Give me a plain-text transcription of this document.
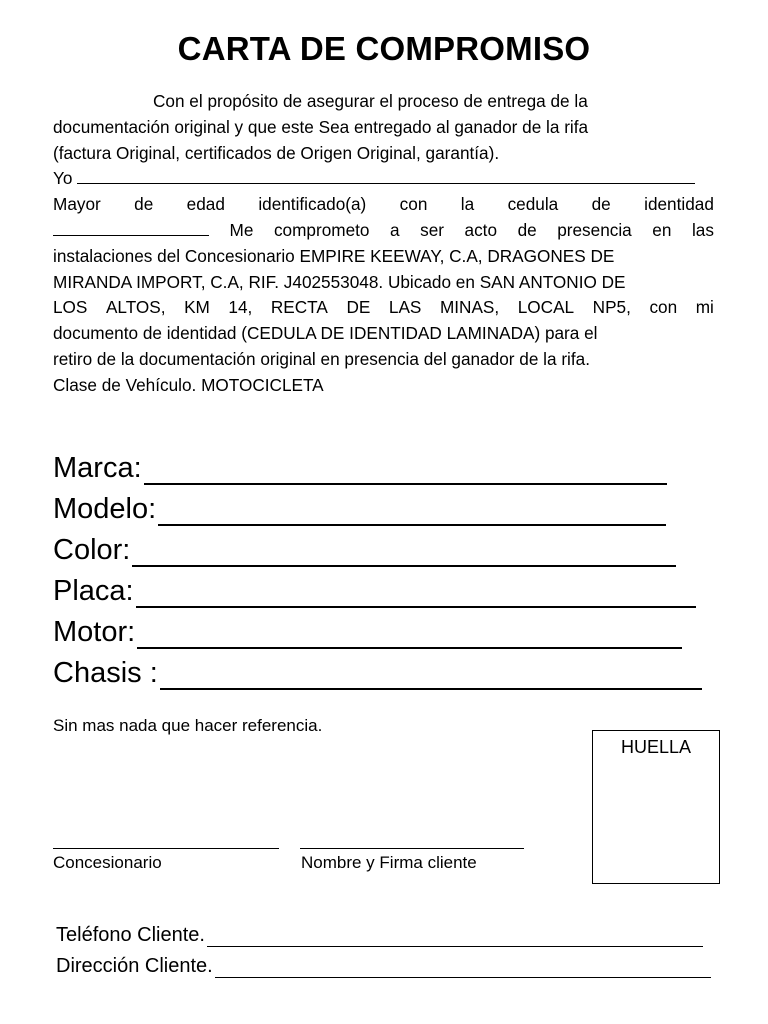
CARTA DE COMPROMISO
Con el propósito de asegurar el proceso de entrega de la
documentación original y que este Sea entregado al ganador de la rifa
(factura Original, certificados de Origen Original, garantía).
Yo
Mayor de edad identificado(a) con la cedula de identidad
Me comprometo a ser acto de presencia en las
instalaciones del Concesionario EMPIRE KEEWAY, C.A, DRAGONES DE
MIRANDA IMPORT, C.A, RIF. J402553048. Ubicado en SAN ANTONIO DE
LOS ALTOS, KM 14, RECTA DE LAS MINAS, LOCAL NP5, con mi
documento de identidad (CEDULA DE IDENTIDAD LAMINADA) para el
retiro de la documentación original en presencia del ganador de la rifa.
Clase de Vehículo. MOTOCICLETA
Marca:
Modelo:
Color:
Placa:
Motor:
Chasis :
Sin mas nada que hacer referencia.
Concesionario	Nombre y Firma cliente
HUELLA
Teléfono Cliente.
Dirección Cliente.
